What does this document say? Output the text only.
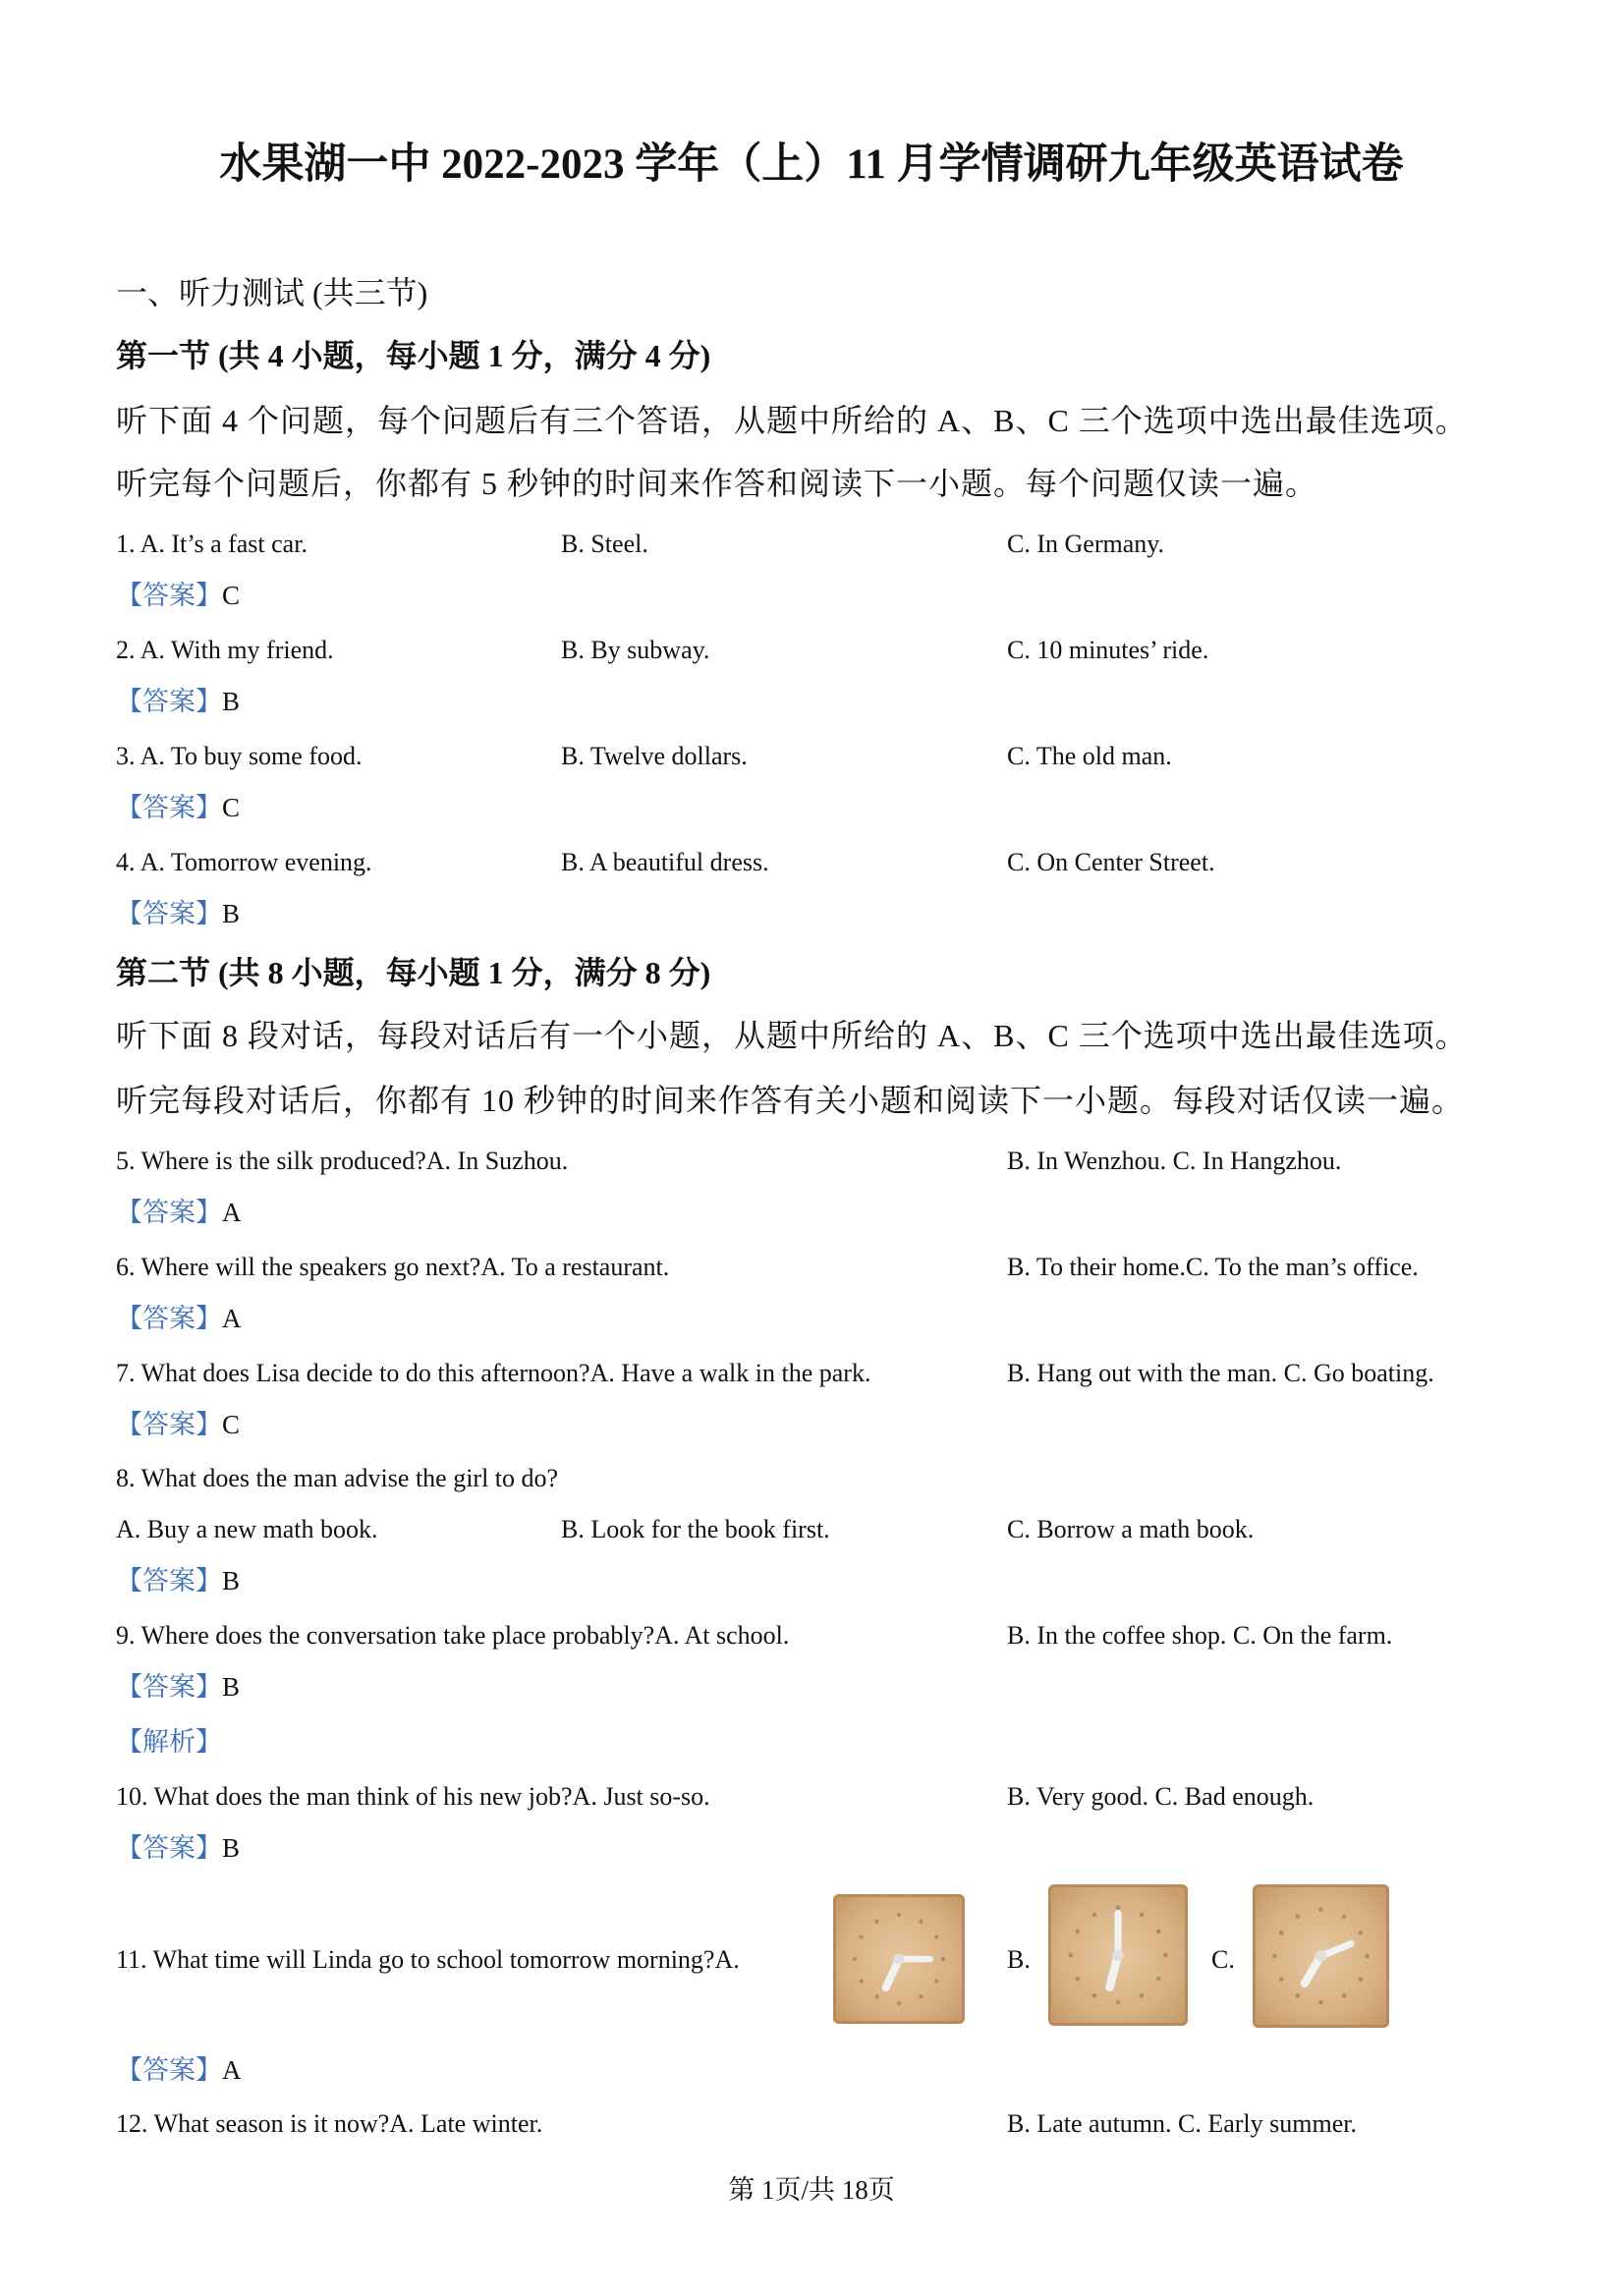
水果湖一中 2022-2023 学年（上）11 月学情调研九年级英语试卷
一、听力测试 (共三节)
第一节 (共 4 小题，每小题 1 分，满分 4 分)
听下面 4 个问题，每个问题后有三个答语，从题中所给的 A、B、C 三个选项中选出最佳选项。
听完每个问题后，你都有 5 秒钟的时间来作答和阅读下一小题。每个问题仅读一遍。
1. A. It’s a fast car.	B. Steel.	C. In Germany.
【答案】C
2. A. With my friend.	B. By subway.	C. 10 minutes’ ride.
【答案】B
3. A. To buy some food.	B. Twelve dollars.	C. The old man.
【答案】C
4. A. Tomorrow evening.	B. A beautiful dress.	C. On Center Street.
【答案】B
第二节 (共 8 小题，每小题 1 分，满分 8 分)
听下面 8 段对话，每段对话后有一个小题，从题中所给的 A、B、C 三个选项中选出最佳选项。
听完每段对话后，你都有 10 秒钟的时间来作答有关小题和阅读下一小题。每段对话仅读一遍。
5. Where is the silk produced?A. In Suzhou.	B. In Wenzhou. C. In Hangzhou.
【答案】A
6. Where will the speakers go next?A. To a restaurant.	B. To their home.C. To the man’s office.
【答案】A
7. What does Lisa decide to do this afternoon?A. Have a walk in the park.	B. Hang out with the man. C. Go boating.
【答案】C
8. What does the man advise the girl to do?
A. Buy a new math book.	B. Look for the book first.	C. Borrow a math book.
【答案】B
9. Where does the conversation take place probably?A. At school.	B. In the coffee shop. C. On the farm.
【答案】B
【解析】
10. What does the man think of his new job?A. Just so-so.	B. Very good. C. Bad enough.
【答案】B
11. What time will Linda go to school tomorrow morning?A.	B.	C.
【答案】A
12. What season is it now?A. Late winter.	B. Late autumn. C. Early summer.
第 1页/共 18页
